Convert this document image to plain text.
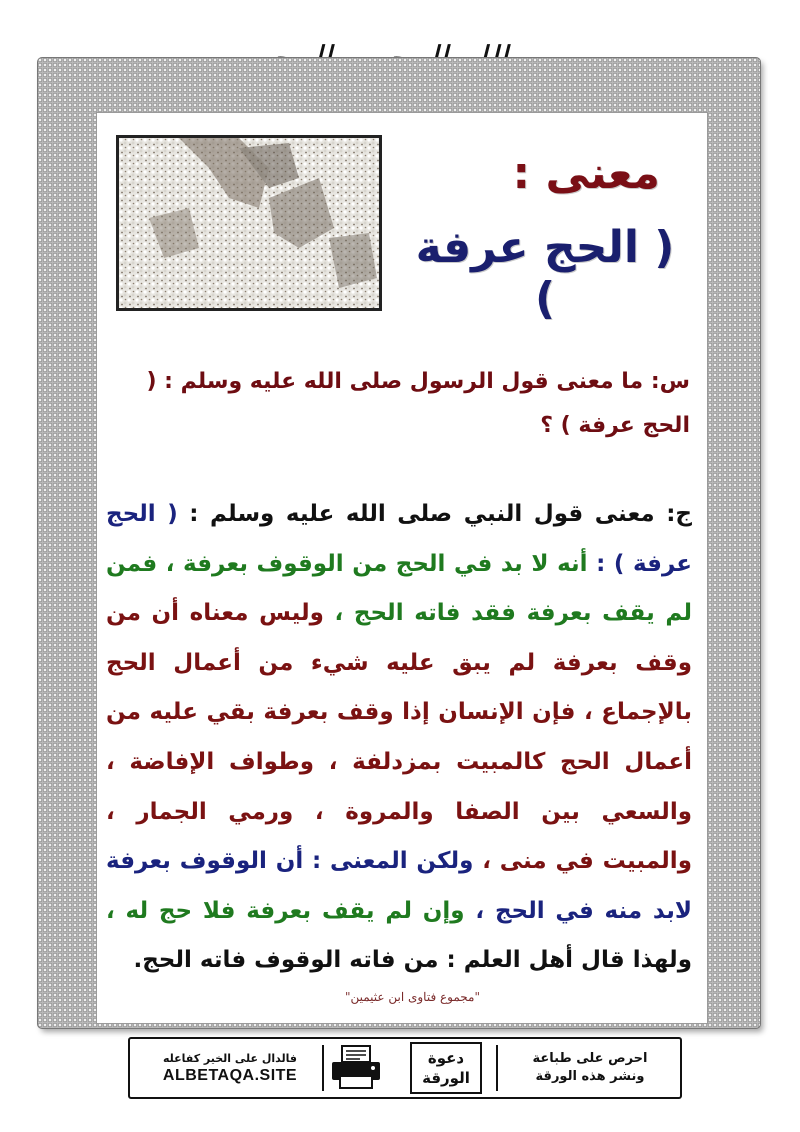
معنى :
( الحج عرفة )
س: ما معنى قول الرسول صلى الله عليه وسلم : ( الحج عرفة ) ؟
ج: معنى قول النبي صلى الله عليه وسلم : ( الحج عرفة ) : أنه لا بد في الحج من الوقوف بعرفة ، فمن لم يقف بعرفة فقد فاته الحج ، وليس معناه أن من وقف بعرفة لم يبق عليه شيء من أعمال الحج بالإجماع ، فإن الإنسان إذا وقف بعرفة بقي عليه من أعمال الحج كالمبيت بمزدلفة ، وطواف الإفاضة ، والسعي بين الصفا والمروة ، ورمي الجمار ، والمبيت في منى ، ولكن المعنى : أن الوقوف بعرفة لابد منه في الحج ، وإن لم يقف بعرفة فلا حج له ، ولهذا قال أهل العلم : من فاته الوقوف فاته الحج.
"مجموع فتاوى ابن عثيمين"
فالدال على الخير كفاعله
ALBETAQA.SITE
دعوة
الورقة
احرص على طباعة
ونشر هذه الورقة
